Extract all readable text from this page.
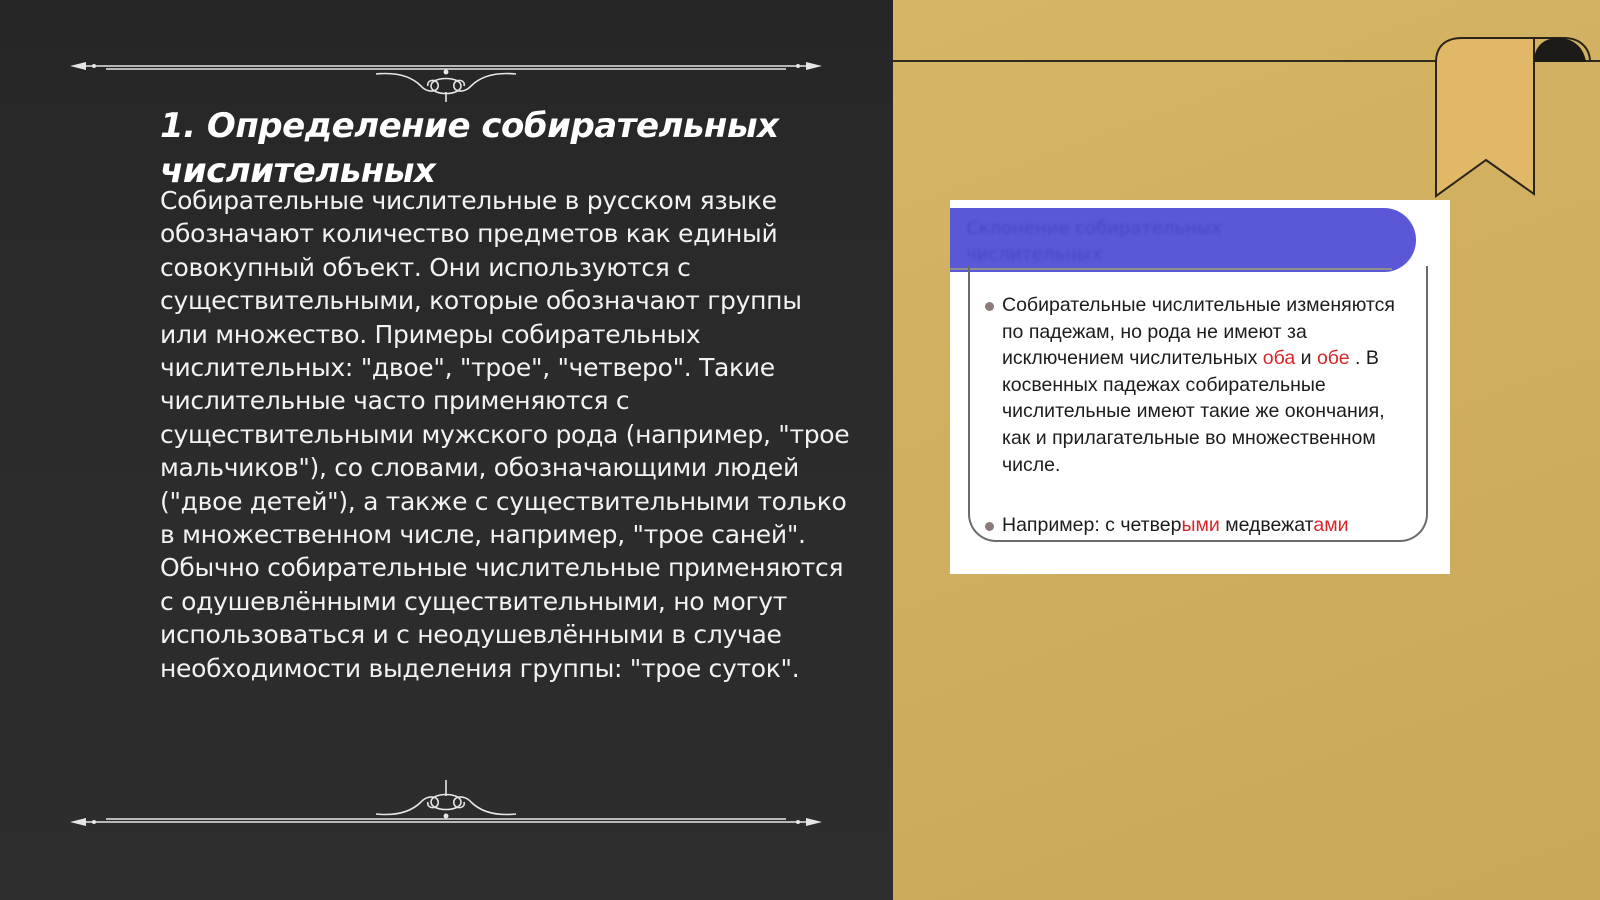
1. Определение собирательных числительных

Собирательные числительные в русском языке обозначают количество предметов как единый совокупный объект. Они используются с существительными, которые обозначают группы или множество. Примеры собирательных числительных: "двое", "трое", "четверо". Такие числительные часто применяются с существительными мужского рода (например, "трое мальчиков"), со словами, обозначающими людей ("двое детей"), а также с существительными только в множественном числе, например, "трое саней". Обычно собирательные числительные применяются с одушевлёнными существительными, но могут использоваться и с неодушевлёнными в случае необходимости выделения группы: "трое суток".

Склонение собирательных числительных
Собирательные числительные изменяются по падежам, но рода не имеют за исключением числительных оба и обе . В косвенных падежах собирательные числительные имеют такие же окончания, как и прилагательные во множественном числе.
Например: с четверыми медвежатами
